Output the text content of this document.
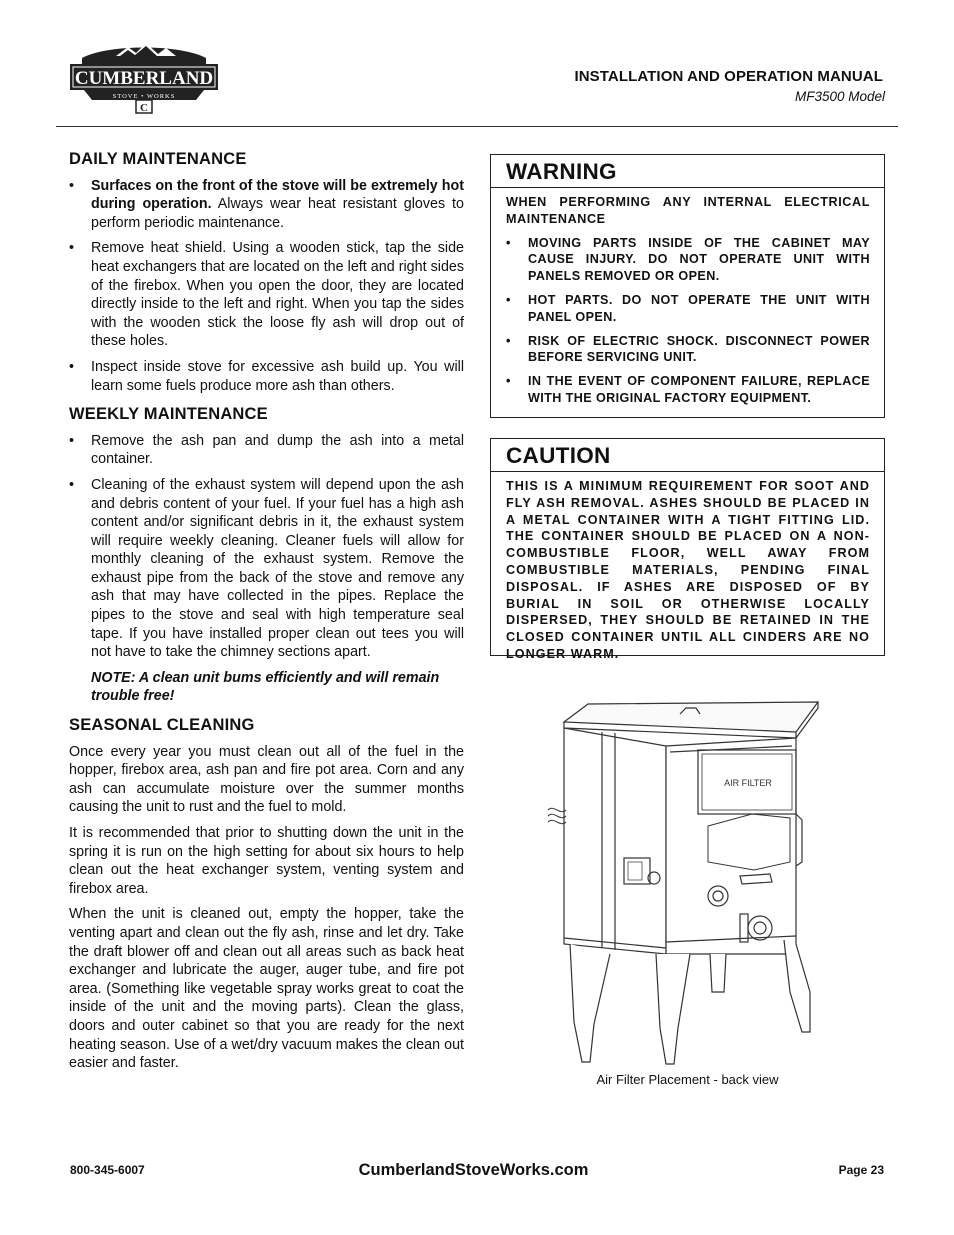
CUMBERLAND
STOVE • WORKS
C
INSTALLATION AND OPERATION MANUAL
MF3500 Model
DAILY MAINTENANCE
• Surfaces on the front of the stove will be extremely hot during operation. Always wear heat resistant gloves to perform periodic maintenance.
• Remove heat shield. Using a wooden stick, tap the side heat exchangers that are located on the left and right sides of the firebox. When you open the door, they are located directly inside to the left and right. When you tap the sides with the wooden stick the loose fly ash will drop out of these holes.
• Inspect inside stove for excessive ash build up. You will learn some fuels produce more ash than others.
WEEKLY MAINTENANCE
• Remove the ash pan and dump the ash into a metal container.
• Cleaning of the exhaust system will depend upon the ash and debris content of your fuel. If your fuel has a high ash content and/or significant debris in it, the exhaust system will require weekly cleaning. Cleaner fuels will allow for monthly cleaning of the exhaust system. Remove the exhaust pipe from the back of the stove and remove any ash that may have collected in the pipes. Replace the pipes to the stove and seal with high temperature seal tape. If you have installed proper clean out tees you will not have to take the chimney sections apart.
NOTE: A clean unit bums efficiently and will remain trouble free!
SEASONAL CLEANING

Once every year you must clean out all of the fuel in the hopper, firebox area, ash pan and fire pot area. Corn and any ash can accumulate moisture over the summer months causing the unit to rust and the fuel to mold.

It is recommended that prior to shutting down the unit in the spring it is run on the high setting for about six hours to help clean out the heat exchanger system, venting system and firebox area.

When the unit is cleaned out, empty the hopper, take the venting apart and clean out the fly ash, rinse and let dry. Take the draft blower off and clean out all areas such as back heat exchanger and lubricate the auger, auger tube, and fire pot area. (Something like vegetable spray works great to coat the inside of the unit and the moving parts). Clean the glass, doors and outer cabinet so that you are ready for the next heating season. Use of a wet/dry vacuum makes the clean out easier and faster.

WARNING

WHEN PERFORMING ANY INTERNAL ELECTRICAL MAINTENANCE

• MOVING PARTS INSIDE OF THE CABINET MAY CAUSE INJURY. DO NOT OPERATE UNIT WITH PANELS REMOVED OR OPEN.
• HOT PARTS. DO NOT OPERATE THE UNIT WITH PANEL OPEN.
• RISK OF ELECTRIC SHOCK. DISCONNECT POWER BEFORE SERVICING UNIT.
• IN THE EVENT OF COMPONENT FAILURE, REPLACE WITH THE ORIGINAL FACTORY EQUIPMENT.
CAUTION

THIS IS A MINIMUM REQUIREMENT FOR SOOT AND FLY ASH REMOVAL. ASHES SHOULD BE PLACED IN A METAL CONTAINER WITH A TIGHT FITTING LID. THE CONTAINER SHOULD BE PLACED ON A NON-COMBUSTIBLE FLOOR, WELL AWAY FROM COMBUSTIBLE MATERIALS, PENDING FINAL DISPOSAL. IF ASHES ARE DISPOSED OF BY BURIAL IN SOIL OR OTHERWISE LOCALLY DISPERSED, THEY SHOULD BE RETAINED IN THE CLOSED CONTAINER UNTIL ALL CINDERS ARE NO LONGER WARM.

AIR FILTER
Air Filter Placement - back view
800-345-6007	CumberlandStoveWorks.com	Page 23
